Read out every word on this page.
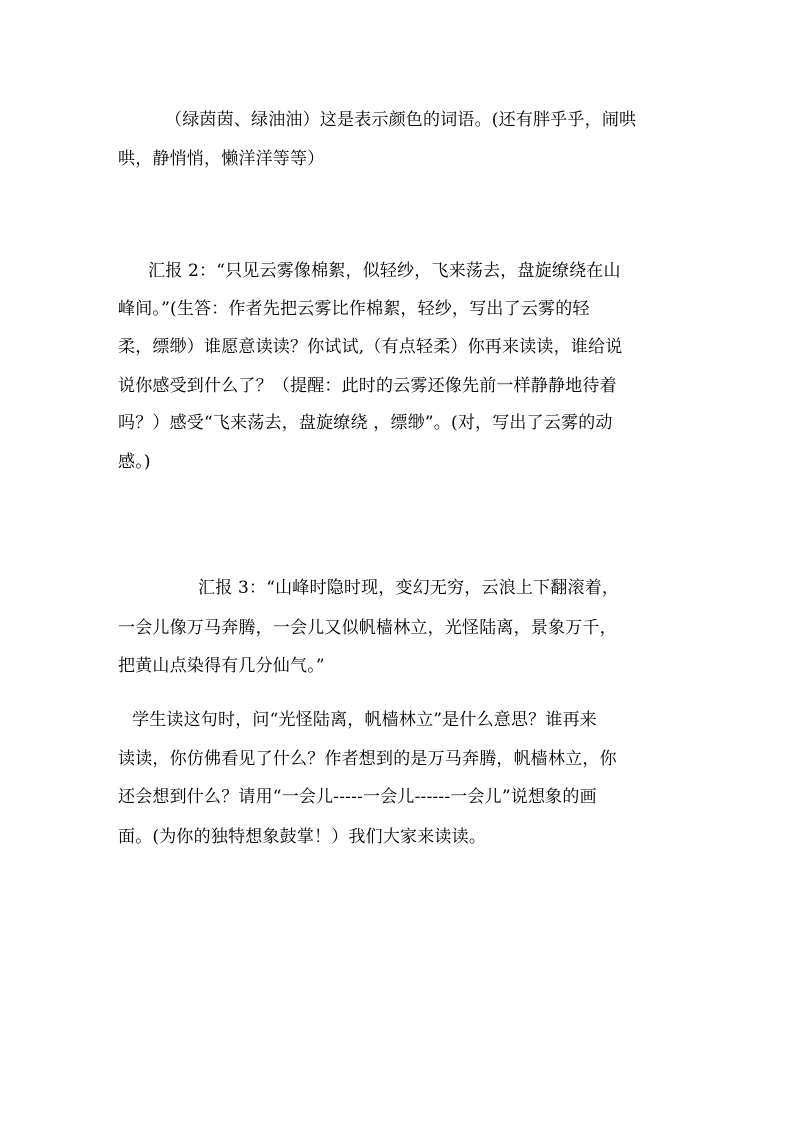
（绿茵茵、绿油油）这是表示颜色的词语。(还有胖乎乎，闹哄
哄，静悄悄，懒洋洋等等）
汇报 2：“只见云雾像棉絮，似轻纱，飞来荡去，盘旋缭绕在山
峰间。”(生答：作者先把云雾比作棉絮，轻纱，写出了云雾的轻
柔，缥缈）谁愿意读读？你试试,（有点轻柔）你再来读读，谁给说
说你感受到什么了？（提醒：此时的云雾还像先前一样静静地待着
吗？）感受“飞来荡去，盘旋缭绕 ，缥缈”。(对，写出了云雾的动
感。)
汇报 3：“山峰时隐时现，变幻无穷，云浪上下翻滚着，
一会儿像万马奔腾，一会儿又似帆樯林立，光怪陆离，景象万千，
把黄山点染得有几分仙气。”
学生读这句时，问“光怪陆离，帆樯林立”是什么意思？谁再来
读读，你仿佛看见了什么？作者想到的是万马奔腾，帆樯林立，你
还会想到什么？请用“一会儿-----一会儿------一会儿”说想象的画
面。(为你的独特想象鼓掌！）我们大家来读读。
